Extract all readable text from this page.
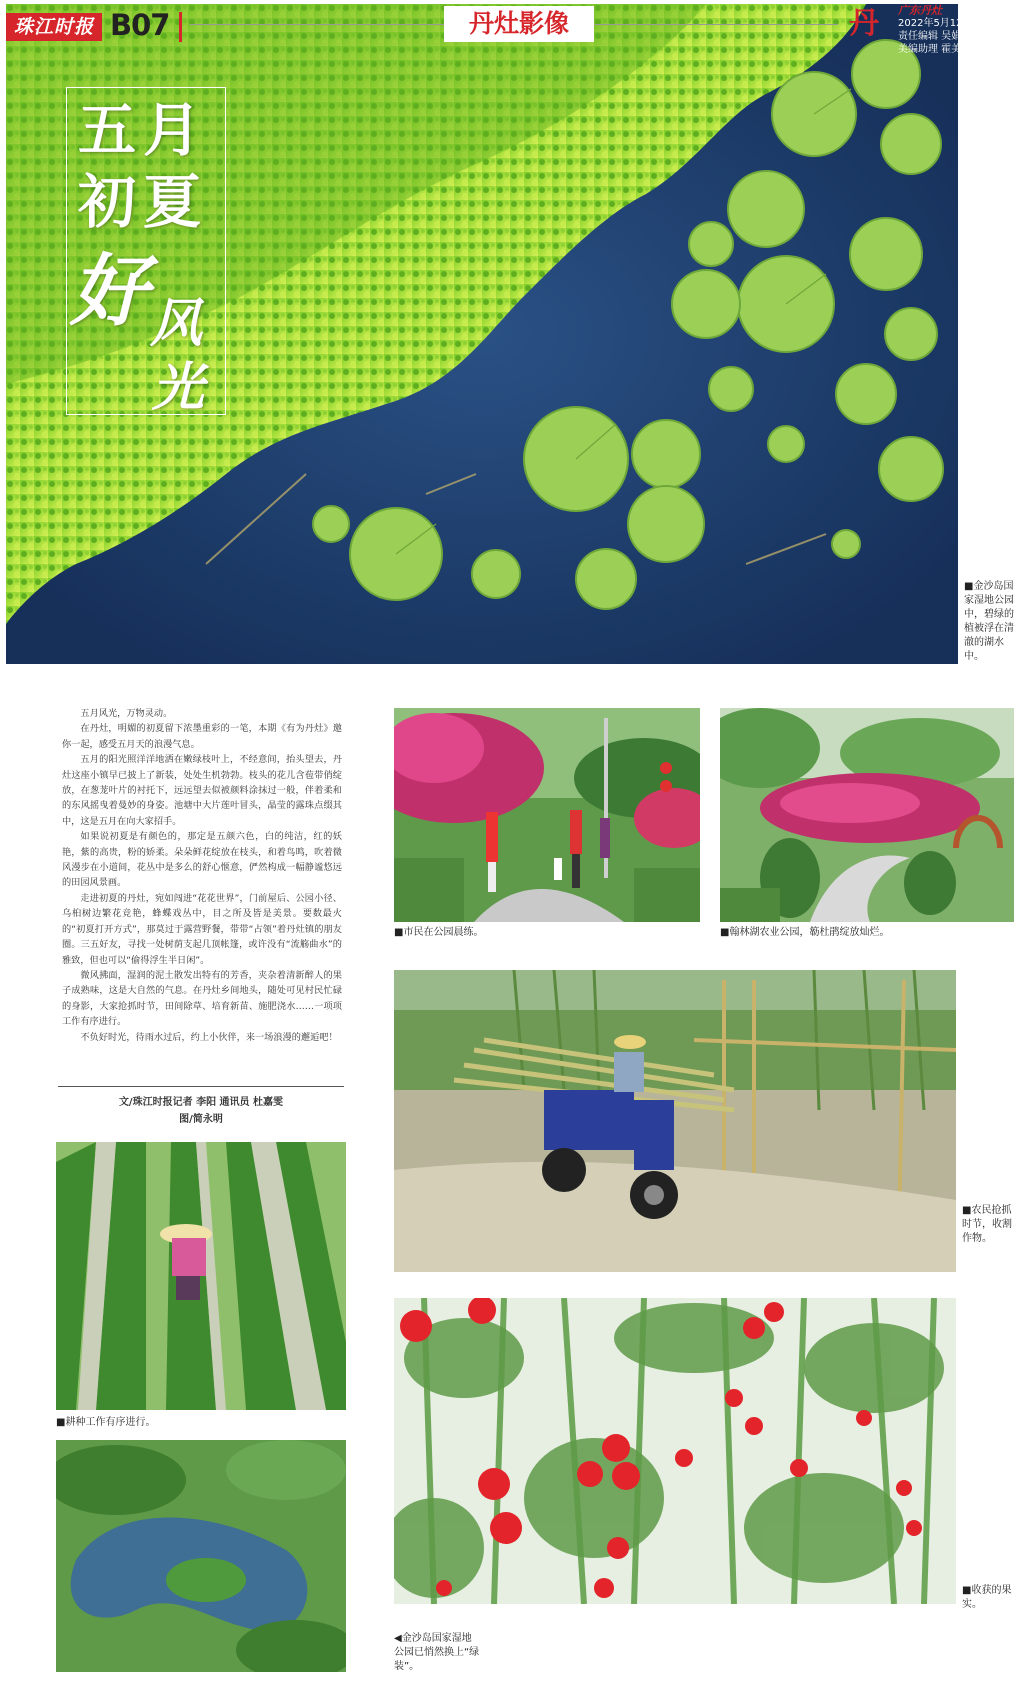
五
初
月
夏
好 风
光
珠江时报 B07	丹灶影像	丹 广东丹灶
2022年5月12日 星期四
责任编辑 吴娟 江静雯
美编助理 霍美芬
■金沙岛国家湿地公园中，碧绿的植被浮在清澈的湖水中。

五月风光，万物灵动。

在丹灶，明媚的初夏留下浓墨重彩的一笔，本期《有为丹灶》邀你一起，感受五月天的浪漫气息。

五月的阳光照洋洋地洒在嫩绿枝叶上，不经意间，抬头望去，丹灶这座小镇早已披上了新装，处处生机勃勃。枝头的花儿含苞带俏绽放，在葱茏叶片的衬托下，远远望去似被颜料涂抹过一般，伴着柔和的东风摇曳着曼妙的身姿。池塘中大片莲叶冒头，晶莹的露珠点缀其中，这是五月在向大家招手。

如果说初夏是有颜色的，那定是五颜六色，白的纯洁，红的妖艳，紫的高贵，粉的娇柔。朵朵鲜花绽放在枝头，和着鸟鸣，吹着微风漫步在小道间，花丛中是多么的舒心惬意，俨然构成一幅静谧悠远的田园风景画。

走进初夏的丹灶，宛如闯进“花花世界”，门前屋后、公园小径、乌桕树边繁花竞艳，蜂蝶戏丛中，目之所及皆是美景。要数最火的“初夏打开方式”，那莫过于露营野餐，带带“占领”着丹灶镇的朋友圈。三五好友，寻找一处树荫支起几顶帐篷，或许没有“流觞曲水”的雅致，但也可以“偷得浮生半日闲”。

微风拂面，湿润的泥土散发出特有的芳香，夹杂着清新醉人的果子成熟味，这是大自然的气息。在丹灶乡间地头，随处可见村民忙碌的身影，大家抢抓时节，田间除草、培育新苗、施肥浇水……一项项工作有序进行。

不负好时光，待雨水过后，约上小伙伴，来一场浪漫的邂逅吧！

文/珠江时报记者 李阳 通讯员 杜嘉雯
图/简永明
■市民在公园晨练。	■翰林湖农业公园，簕杜鹃绽放灿烂。
■农民抢抓时节，收割作物。
■耕种工作有序进行。
■收获的果实。
◀金沙岛国家湿地公园已悄然换上“绿装”。
